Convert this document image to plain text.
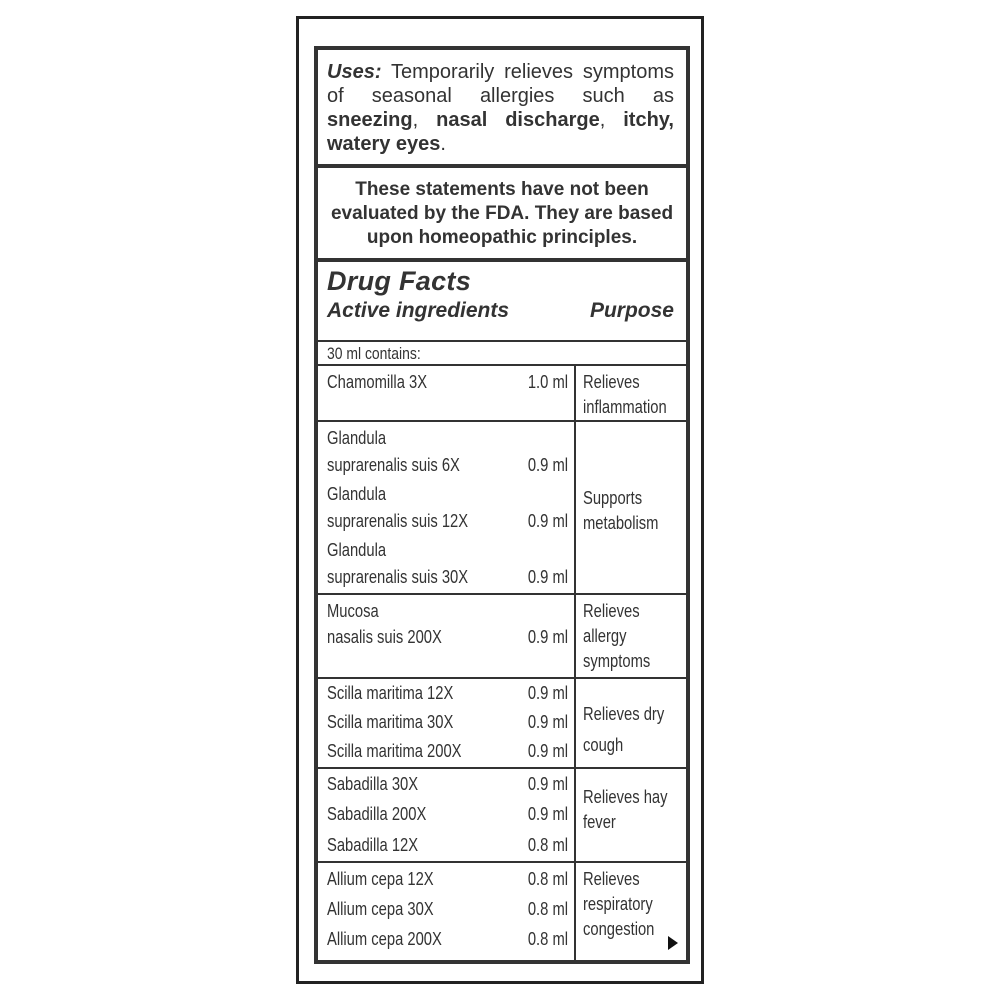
Uses: Temporarily relieves symptoms of seasonal allergies such as sneezing, nasal discharge, itchy, watery eyes.
These statements have not been evaluated by the FDA. They are based upon homeopathic principles.
Drug Facts
Active ingredients	Purpose
30 ml contains:
Chamomilla 3X	1.0 ml Relieves inflammation
Glandula
suprarenalis suis 6X	0.9 ml
Glandula
suprarenalis suis 12X	0.9 ml
Glandula
suprarenalis suis 30X	0.9 ml
Supports metabolism
Mucosa
nasalis suis 200X	0.9 ml
Relieves allergy symptoms
Scilla maritima 12X	0.9 ml
Scilla maritima 30X	0.9 ml
Scilla maritima 200X	0.9 ml
Relieves dry cough
Sabadilla 30X	0.9 ml
Sabadilla 200X	0.9 ml
Sabadilla 12X	0.8 ml
Relieves hay fever
Allium cepa 12X	0.8 ml
Allium cepa 30X	0.8 ml
Allium cepa 200X	0.8 ml
Relieves respiratory congestion
